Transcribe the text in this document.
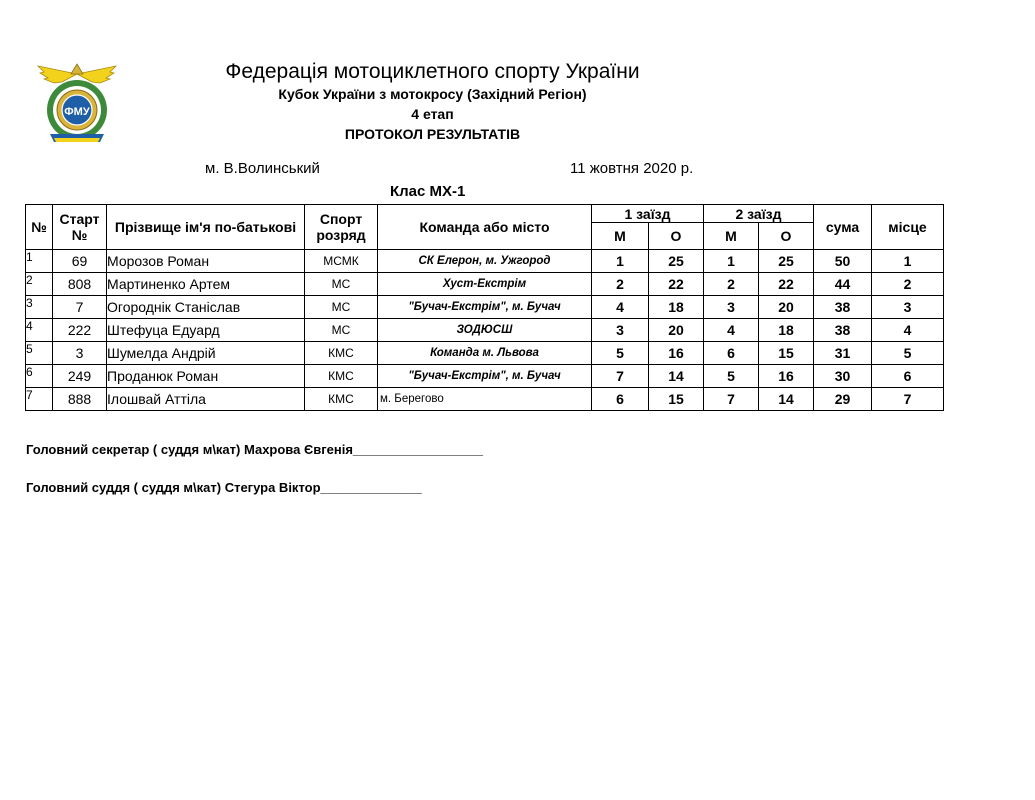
ФМУ
Федерація мотоциклетного спорту України
Кубок України з мотокросу (Західний Регіон)
4 етап
ПРОТОКОЛ РЕЗУЛЬТАТІВ
м. В.Волинський	11 жовтня 2020 р.
Клас МХ-1
№	Старт №	Прізвище ім'я по-батькові	Спорт розряд	Команда або місто	1 заїзд		2 заїзд		сума	місце
					М	О	М	О		
1	69	Морозов Роман	МСМК	СК Елерон, м. Ужгород	1	25	1	25	50	1
2	808	Мартиненко Артем	МС	Хуст-Екстрім	2	22	2	22	44	2
3	7	Огороднік Станіслав	МС	"Бучач-Екстрім", м. Бучач	4	18	3	20	38	3
4	222	Штефуца Едуард	МС	ЗОДЮСШ	3	20	4	18	38	4
5	3	Шумелда Андрій	КМС	Команда м. Львова	5	16	6	15	31	5
6	249	Проданюк Роман	КМС	"Бучач-Екстрім", м. Бучач	7	14	5	16	30	6
7	888	Ілошвай Аттіла	КМС	м. Берегово	6	15	7	14	29	7
Головний секретар ( суддя м\кат) Махрова Євгенія__________________
Головний суддя ( суддя м\кат) Стегура Віктор______________
